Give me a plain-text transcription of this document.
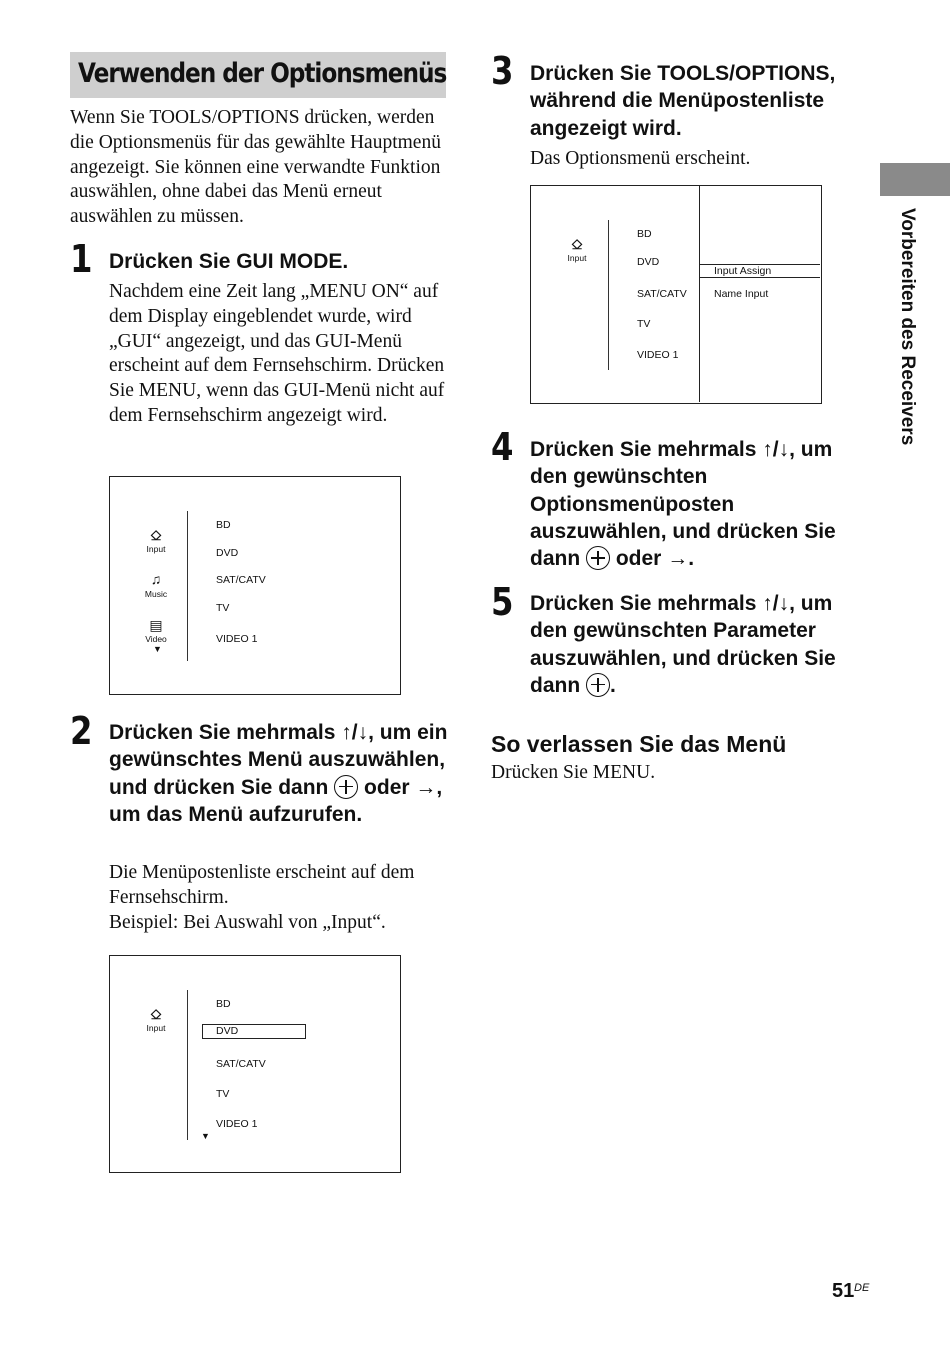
Verwenden der Optionsmenüs

Wenn Sie TOOLS/OPTIONS drücken, werden die Optionsmenüs für das gewählte Hauptmenü angezeigt. Sie können eine verwandte Funktion auswählen, ohne dabei das Menü erneut auswählen zu müssen.

1 Drücken Sie GUI MODE.

Nachdem eine Zeit lang „MENU ON“ auf dem Display eingeblendet wurde, wird „GUI“ angezeigt, und das GUI-Menü erscheint auf dem Fernsehschirm. Drücken Sie MENU, wenn das GUI-Menü nicht auf dem Fernsehschirm angezeigt wird.

⎐
Input
♫
Music
▤
Video
▼
BD
DVD
SAT/CATV
TV
VIDEO 1
2 Drücken Sie mehrmals ↑/↓, um ein gewünschtes Menü auszuwählen, und drücken Sie dann  oder →, um das Menü aufzurufen.

Die Menüpostenliste erscheint auf dem Fernsehschirm.

Beispiel: Bei Auswahl von „Input“.

⎐
Input
BD
DVD
SAT/CATV
TV
VIDEO 1
▼
3 Drücken Sie TOOLS/OPTIONS, während die Menüpostenliste angezeigt wird.

Das Optionsmenü erscheint.

⎐
Input
BD
DVD
SAT/CATV
TV
VIDEO 1
Input Assign
Name Input
4 Drücken Sie mehrmals ↑/↓, um den gewünschten Optionsmenüposten auszuwählen, und drücken Sie dann  oder →.

5 Drücken Sie mehrmals ↑/↓, um den gewünschten Parameter auszuwählen, und drücken Sie dann .

So verlassen Sie das Menü
Drücken Sie MENU.
Vorbereiten des Receivers
51 DE
